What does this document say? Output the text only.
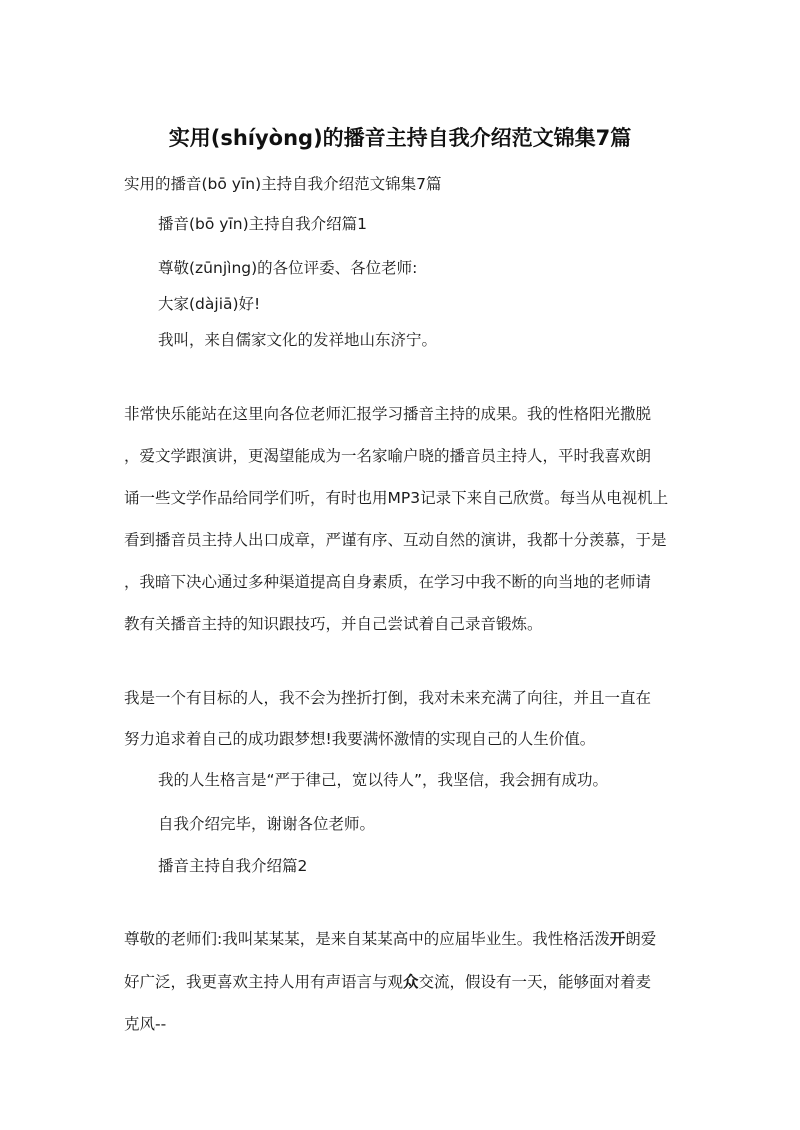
实用(shíyòng)的播音主持自我介绍范文锦集7篇
实用的播音(bō yīn)主持自我介绍范文锦集7篇
播音(bō yīn)主持自我介绍篇1
尊敬(zūnjìng)的各位评委、各位老师:
大家(dàjiā)好!
我叫，来自儒家文化的发祥地山东济宁。
非常快乐能站在这里向各位老师汇报学习播音主持的成果。我的性格阳光撒脱
，爱文学跟演讲，更渴望能成为一名家喻户晓的播音员主持人，平时我喜欢朗
诵一些文学作品给同学们听，有时也用MP3记录下来自己欣赏。每当从电视机上
看到播音员主持人出口成章，严谨有序、互动自然的演讲，我都十分羡慕，于是
，我暗下决心通过多种渠道提高自身素质，在学习中我不断的向当地的老师请
教有关播音主持的知识跟技巧，并自己尝试着自己录音锻炼。
我是一个有目标的人，我不会为挫折打倒，我对未来充满了向往，并且一直在
努力追求着自己的成功跟梦想!我要满怀激情的实现自己的人生价值。
我的人生格言是“严于律己，宽以待人”，我坚信，我会拥有成功。
自我介绍完毕，谢谢各位老师。
播音主持自我介绍篇2
尊敬的老师们:我叫某某某，是来自某某高中的应届毕业生。我性格活泼开朗爱
好广泛，我更喜欢主持人用有声语言与观众交流，假设有一天，能够面对着麦
克风--
